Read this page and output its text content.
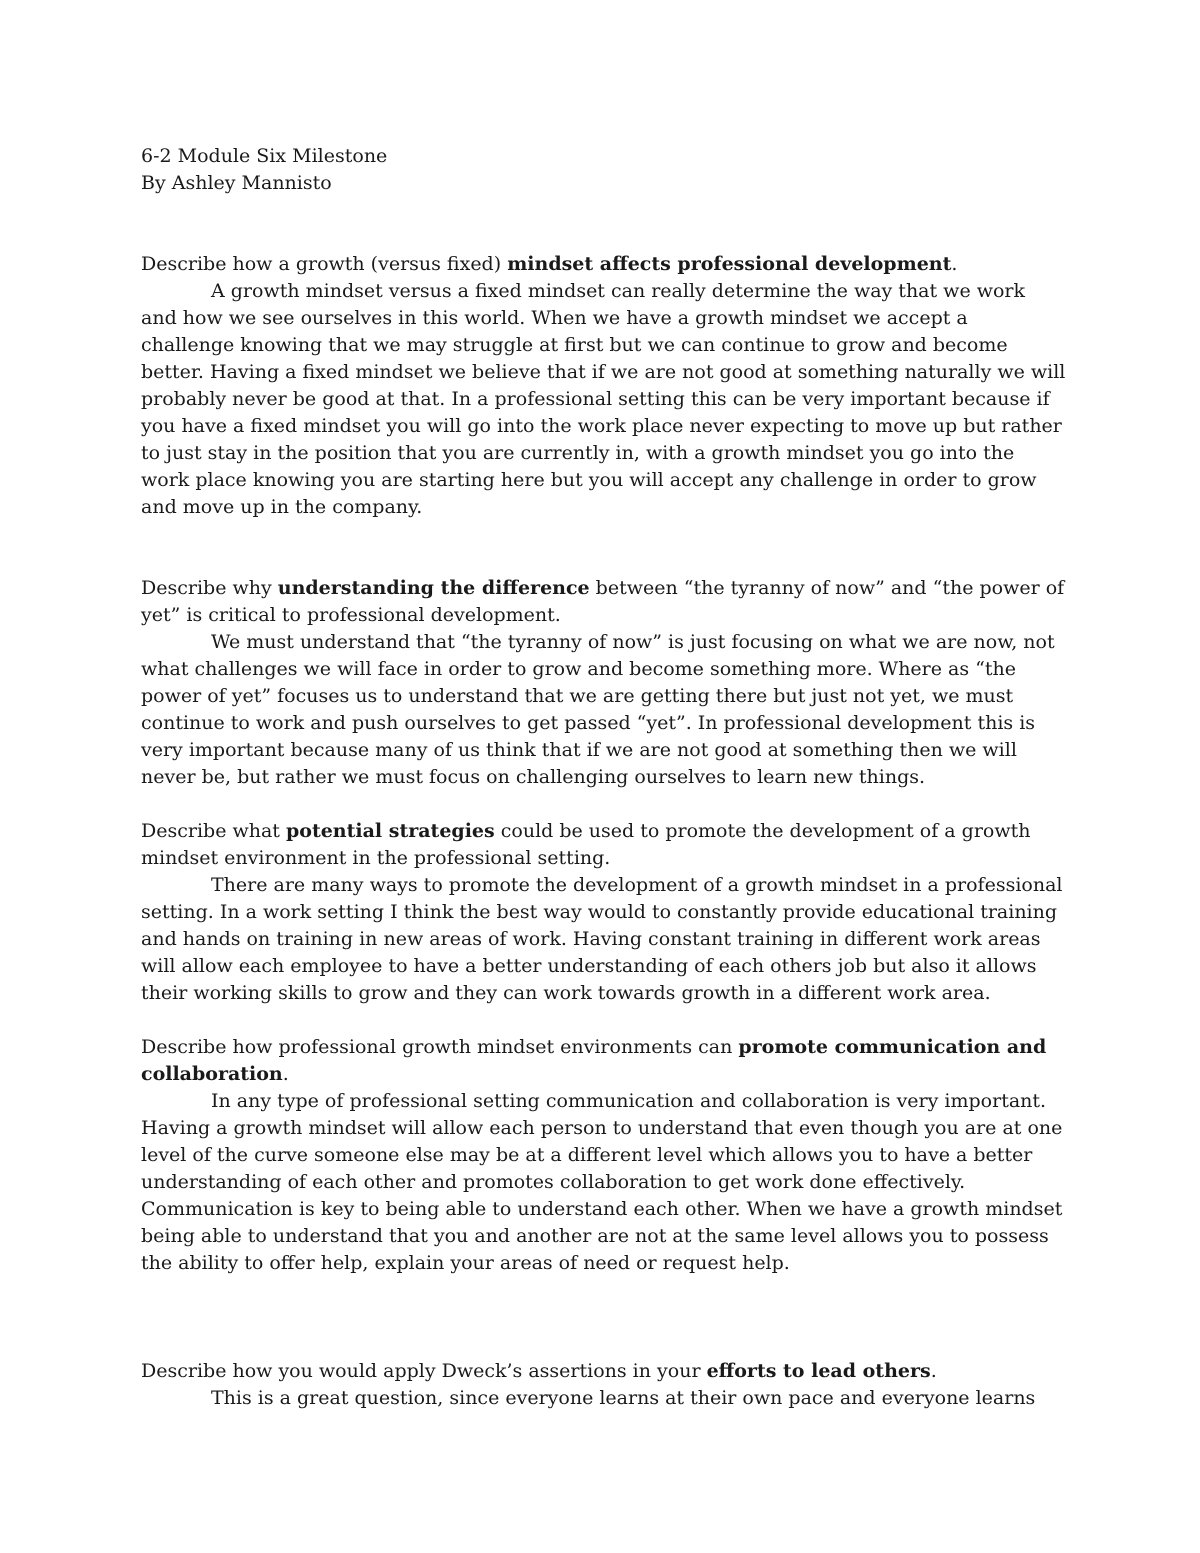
6-2 Module Six Milestone

By Ashley Mannisto

Describe how a growth (versus fixed) mindset affects professional development.

A growth mindset versus a fixed mindset can really determine the way that we work and how we see ourselves in this world. When we have a growth mindset we accept a challenge knowing that we may struggle at first but we can continue to grow and become better. Having a fixed mindset we believe that if we are not good at something naturally we will probably never be good at that. In a professional setting this can be very important because if you have a fixed mindset you will go into the work place never expecting to move up but rather to just stay in the position that you are currently in, with a growth mindset you go into the work place knowing you are starting here but you will accept any challenge in order to grow and move up in the company.

Describe why understanding the difference between “the tyranny of now” and “the power of yet” is critical to professional development.

We must understand that “the tyranny of now” is just focusing on what we are now, not what challenges we will face in order to grow and become something more. Where as “the power of yet” focuses us to understand that we are getting there but just not yet, we must continue to work and push ourselves to get passed “yet”. In professional development this is very important because many of us think that if we are not good at something then we will never be, but rather we must focus on challenging ourselves to learn new things.

Describe what potential strategies could be used to promote the development of a growth mindset environment in the professional setting.

There are many ways to promote the development of a growth mindset in a professional setting. In a work setting I think the best way would to constantly provide educational training and hands on training in new areas of work. Having constant training in different work areas will allow each employee to have a better understanding of each others job but also it allows their working skills to grow and they can work towards growth in a different work area.

Describe how professional growth mindset environments can promote communication and collaboration.

In any type of professional setting communication and collaboration is very important. Having a growth mindset will allow each person to understand that even though you are at one level of the curve someone else may be at a different level which allows you to have a better understanding of each other and promotes collaboration to get work done effectively. Communication is key to being able to understand each other. When we have a growth mindset being able to understand that you and another are not at the same level allows you to possess the ability to offer help, explain your areas of need or request help.

Describe how you would apply Dweck’s assertions in your efforts to lead others.

This is a great question, since everyone learns at their own pace and everyone learns
